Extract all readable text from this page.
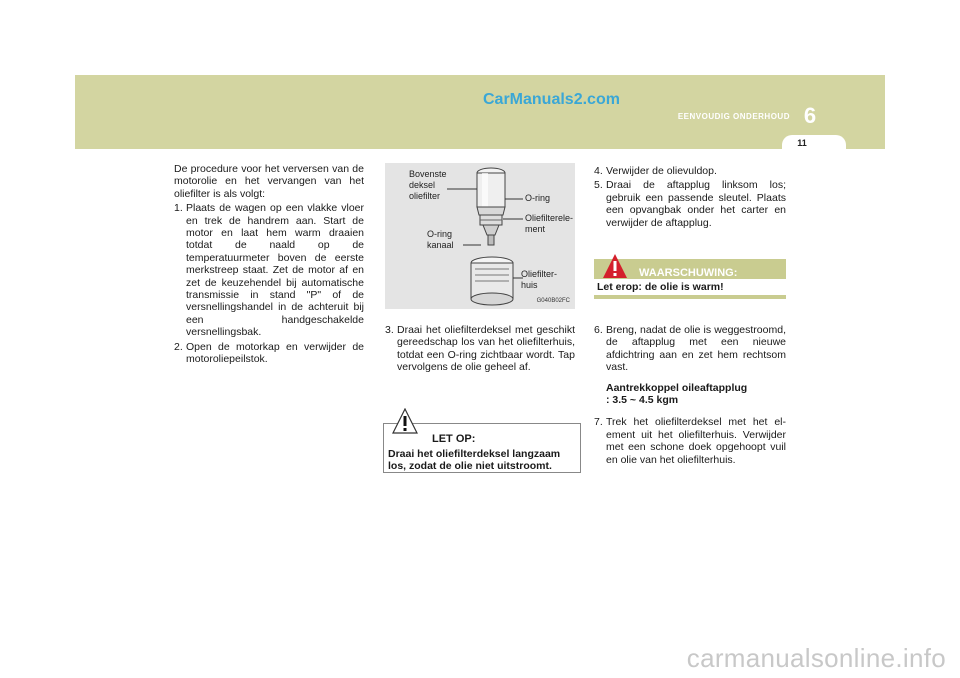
CarManuals2.com
EENVOUDIG ONDERHOUD 6
11

De procedure voor het verversen van de motorolie en het vervangen van het oliefilter is als volgt:

1. Plaats de wagen op een vlakke vloer en trek de handrem aan. Start de motor en laat hem warm draaien totdat de naald op de temperatuurmeter boven de eerste merkstreep staat. Zet de motor af en zet de keuzehendel bij automatische transmissie in stand "P" of de versnellingshandel in de achteruit bij een handgeschakelde versnellingsbak.
2. Open de motorkap en verwijder de motoroliepeilstok.
Bovenste
deksel
oliefilter	O-ring
Oliefilterele-
ment
O-ring
kanaal
Oliefilter-
huis
G040B02FC
3. Draai het oliefilterdeksel met geschikt gereedschap los van het oliefilterhuis, totdat een O-ring zichtbaar wordt. Tap vervolgens de olie geheel af.
LET OP:
Draai het oliefilterdeksel langzaam los, zodat de olie niet uitstroomt.
4. Verwijder de olievuldop.
5. Draai de aftapplug linksom los; gebruik een passende sleutel. Plaats een opvangbak onder het carter en verwijder de aftapplug.
WAARSCHUWING:
Let erop: de olie is warm!
6. Breng, nadat de olie is weggestroomd, de aftapplug met een nieuwe afdichtring aan en zet hem rechtsom vast.
Aantrekkoppel oileaftapplug
: 3.5 ~ 4.5 kgm
7. Trek het oliefilterdeksel met het el-ement uit het oliefilterhuis. Verwijder met een schone doek opgehoopt vuil en olie van het oliefilterhuis.
carmanualsonline.info
